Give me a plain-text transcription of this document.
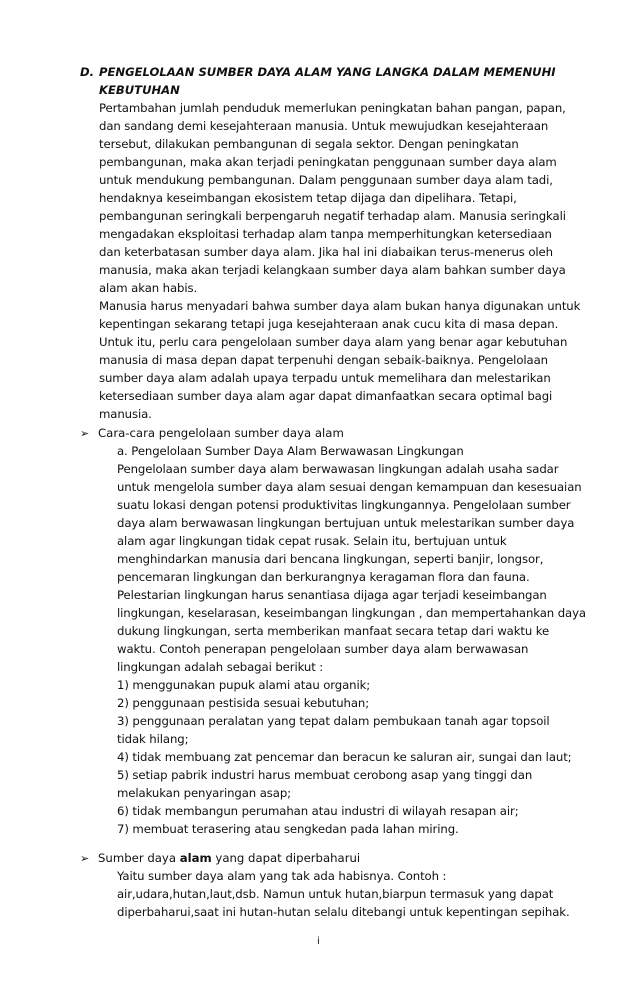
D. PENGELOLAAN SUMBER DAYA ALAM YANG LANGKA DALAM MEMENUHI
KEBUTUHAN
Pertambahan jumlah penduduk memerlukan peningkatan bahan pangan, papan,
dan sandang demi kesejahteraan manusia. Untuk mewujudkan kesejahteraan
tersebut, dilakukan pembangunan di segala sektor. Dengan peningkatan
pembangunan, maka akan terjadi peningkatan penggunaan sumber daya alam
untuk mendukung pembangunan. Dalam penggunaan sumber daya alam tadi,
hendaknya keseimbangan ekosistem tetap dijaga dan dipelihara. Tetapi,
pembangunan seringkali berpengaruh negatif terhadap alam. Manusia seringkali
mengadakan eksploitasi terhadap alam tanpa memperhitungkan ketersediaan
dan keterbatasan sumber daya alam. Jika hal ini diabaikan terus-menerus oleh
manusia, maka akan terjadi kelangkaan sumber daya alam bahkan sumber daya
alam akan habis.
Manusia harus menyadari bahwa sumber daya alam bukan hanya digunakan untuk
kepentingan sekarang tetapi juga kesejahteraan anak cucu kita di masa depan.
Untuk itu, perlu cara pengelolaan sumber daya alam yang benar agar kebutuhan
manusia di masa depan dapat terpenuhi dengan sebaik-baiknya. Pengelolaan
sumber daya alam adalah upaya terpadu untuk memelihara dan melestarikan
ketersediaan sumber daya alam agar dapat dimanfaatkan secara optimal bagi
manusia.
➢ Cara-cara pengelolaan sumber daya alam
a. Pengelolaan Sumber Daya Alam Berwawasan Lingkungan
Pengelolaan sumber daya alam berwawasan lingkungan adalah usaha sadar
untuk mengelola sumber daya alam sesuai dengan kemampuan dan kesesuaian
suatu lokasi dengan potensi produktivitas lingkungannya. Pengelolaan sumber
daya alam berwawasan lingkungan bertujuan untuk melestarikan sumber daya
alam agar lingkungan tidak cepat rusak. Selain itu, bertujuan untuk
menghindarkan manusia dari bencana lingkungan, seperti banjir, longsor,
pencemaran lingkungan dan berkurangnya keragaman flora dan fauna.
Pelestarian lingkungan harus senantiasa dijaga agar terjadi keseimbangan
lingkungan, keselarasan, keseimbangan lingkungan , dan mempertahankan daya
dukung lingkungan, serta memberikan manfaat secara tetap dari waktu ke
waktu. Contoh penerapan pengelolaan sumber daya alam berwawasan
lingkungan adalah sebagai berikut :
1) menggunakan pupuk alami atau organik;
2) penggunaan pestisida sesuai kebutuhan;
3) penggunaan peralatan yang tepat dalam pembukaan tanah agar topsoil
tidak hilang;
4) tidak membuang zat pencemar dan beracun ke saluran air, sungai dan laut;
5) setiap pabrik industri harus membuat cerobong asap yang tinggi dan
melakukan penyaringan asap;
6) tidak membangun perumahan atau industri di wilayah resapan air;
7) membuat terasering atau sengkedan pada lahan miring.
➢ Sumber daya alam yang dapat diperbaharui
Yaitu sumber daya alam yang tak ada habisnya. Contoh :
air,udara,hutan,laut,dsb. Namun untuk hutan,biarpun termasuk yang dapat
diperbaharui,saat ini hutan-hutan selalu ditebangi untuk kepentingan sepihak.
i
